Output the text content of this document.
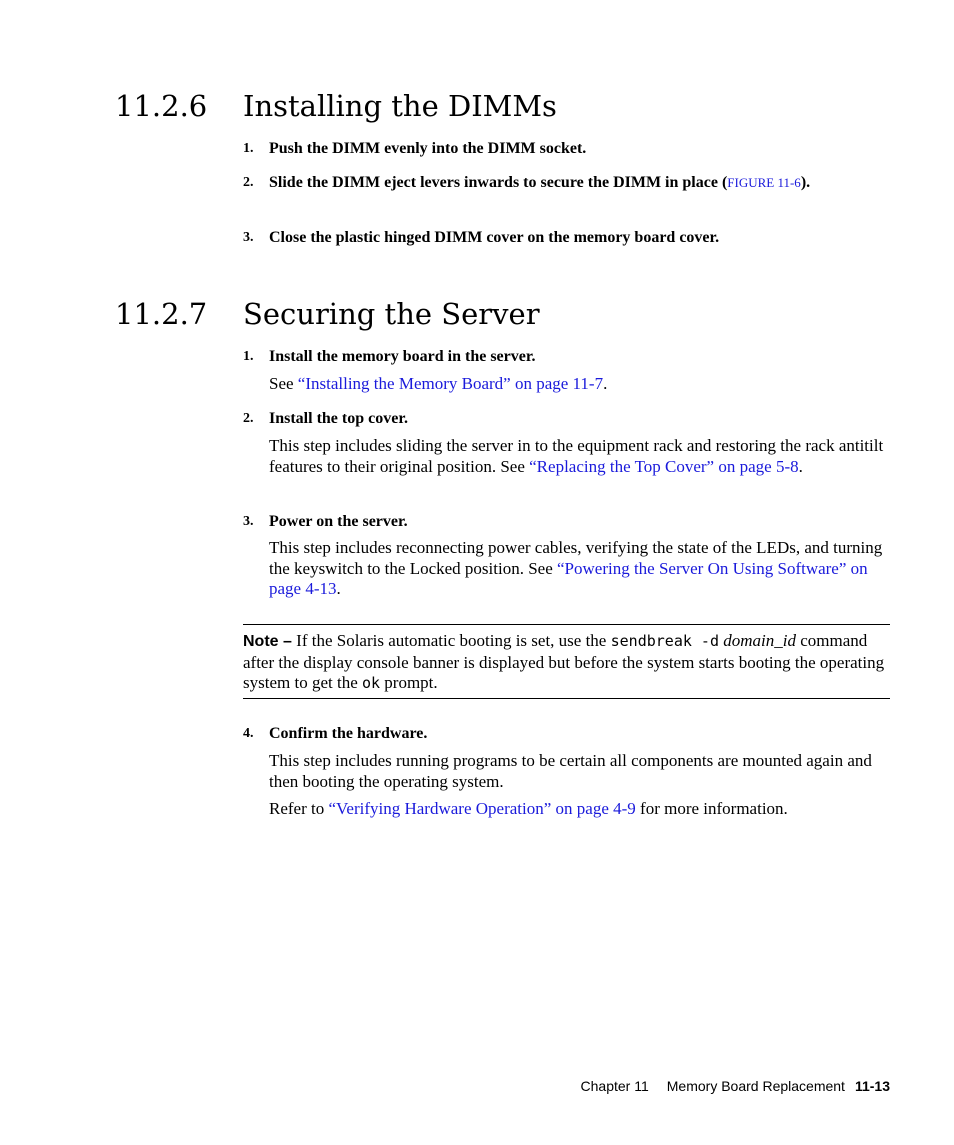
11.2.6 Installing the DIMMs
1. Push the DIMM evenly into the DIMM socket.
2. Slide the DIMM eject levers inwards to secure the DIMM in place (FIGURE 11-6).
3. Close the plastic hinged DIMM cover on the memory board cover.
11.2.7 Securing the Server
1. Install the memory board in the server.
See “Installing the Memory Board” on page 11-7.
2. Install the top cover.
This step includes sliding the server in to the equipment rack and restoring the rack antitilt features to their original position. See “Replacing the Top Cover” on page 5-8.
3. Power on the server.
This step includes reconnecting power cables, verifying the state of the LEDs, and turning the keyswitch to the Locked position. See “Powering the Server On Using Software” on page 4-13.
Note – If the Solaris automatic booting is set, use the sendbreak -d domain_id command after the display console banner is displayed but before the system starts booting the operating system to get the ok prompt.
4. Confirm the hardware.
This step includes running programs to be certain all components are mounted again and then booting the operating system.
Refer to “Verifying Hardware Operation” on page 4-9 for more information.
Chapter 11 Memory Board Replacement 11-13
